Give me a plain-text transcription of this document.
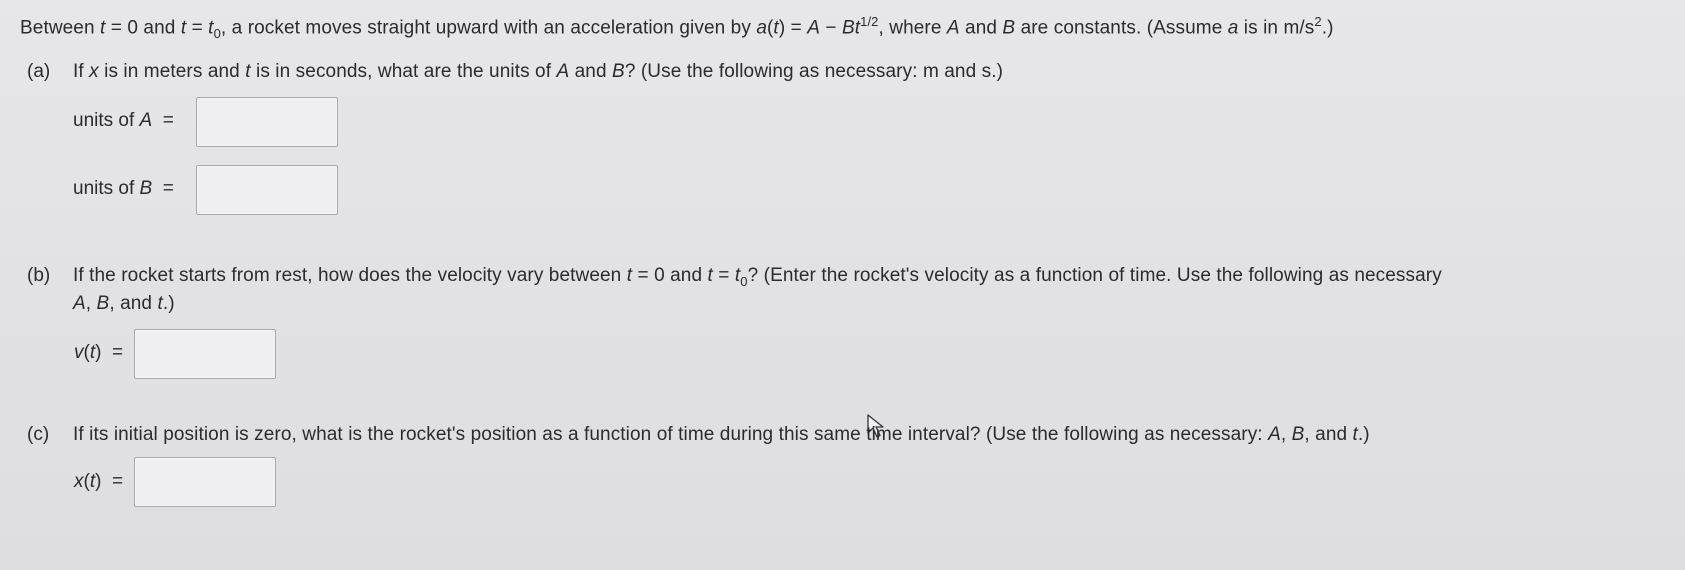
Between t = 0 and $t = t_0$, a rocket moves straight upward with an acceleration given by $a(t) = A - Bt^{1/2}$, where A and B are constants. (Assume a is in $m/s^2$.)
(a) If x is in meters and t is in seconds, what are the units of A and B? (Use the following as necessary: m and s.)
units of A  =
units of B  =
(b) If the rocket starts from rest, how does the velocity vary between t = 0 and $t = t_0$? (Enter the rocket's velocity as a function of time. Use the following as necessary
A, B, and t.)
v(t)  =
(c) If its initial position is zero, what is the rocket's position as a function of time during this same time interval? (Use the following as necessary: A, B, and t.)
x(t)  =
